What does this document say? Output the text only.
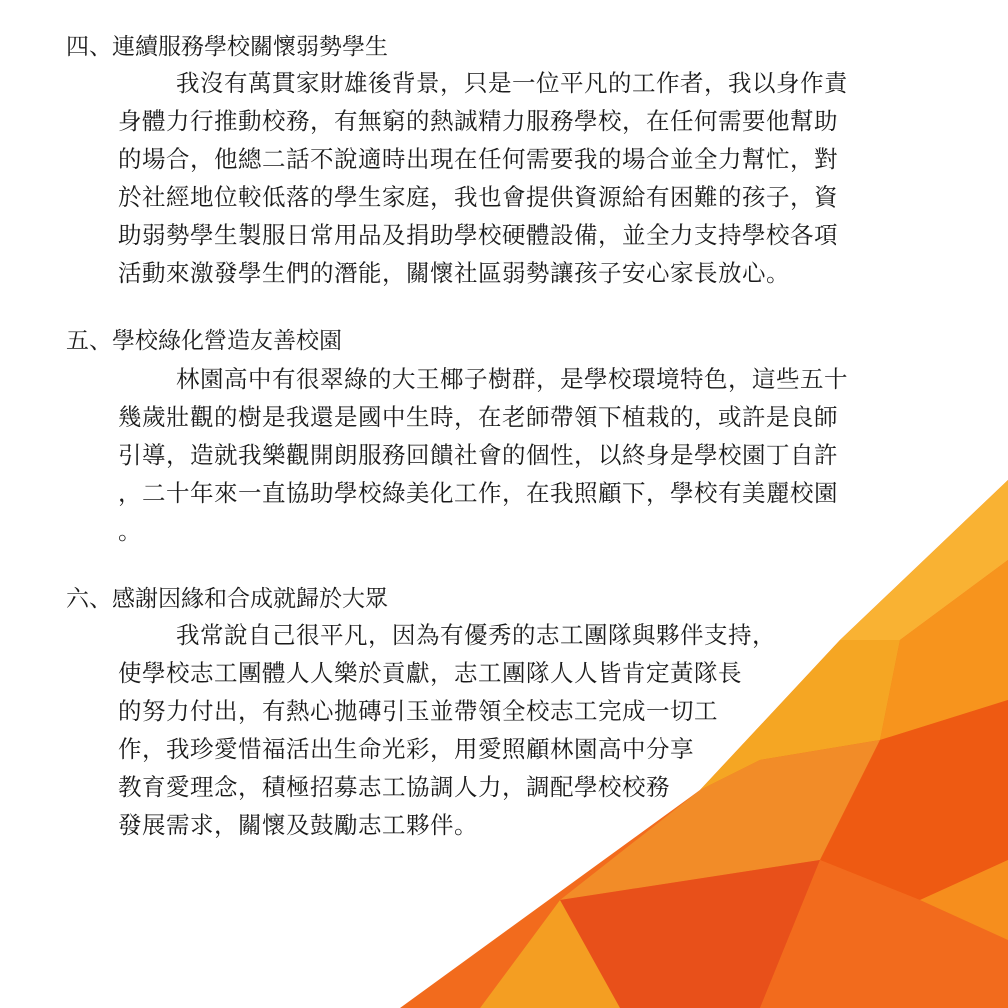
四、連續服務學校關懷弱勢學生
我沒有萬貫家財雄後背景，只是一位平凡的工作者，我以身作責
身體力行推動校務，有無窮的熱誠精力服務學校，在任何需要他幫助
的場合，他總二話不說適時出現在任何需要我的場合並全力幫忙，對
於社經地位較低落的學生家庭，我也會提供資源給有困難的孩子，資
助弱勢學生製服日常用品及捐助學校硬體設備，並全力支持學校各項
活動來激發學生們的潛能，關懷社區弱勢讓孩子安心家長放心。
五、學校綠化營造友善校園
林園高中有很翠綠的大王椰子樹群，是學校環境特色，這些五十
幾歲壯觀的樹是我還是國中生時，在老師帶領下植栽的，或許是良師
引導，造就我樂觀開朗服務回饋社會的個性，以終身是學校園丁自許
，二十年來一直協助學校綠美化工作，在我照顧下，學校有美麗校園
。
六、感謝因緣和合成就歸於大眾
我常說自己很平凡，因為有優秀的志工團隊與夥伴支持，
使學校志工團體人人樂於貢獻，志工團隊人人皆肯定黃隊長
的努力付出，有熱心拋磚引玉並帶領全校志工完成一切工
作，我珍愛惜福活出生命光彩，用愛照顧林園高中分享
教育愛理念，積極招募志工協調人力，調配學校校務
發展需求，關懷及鼓勵志工夥伴。
